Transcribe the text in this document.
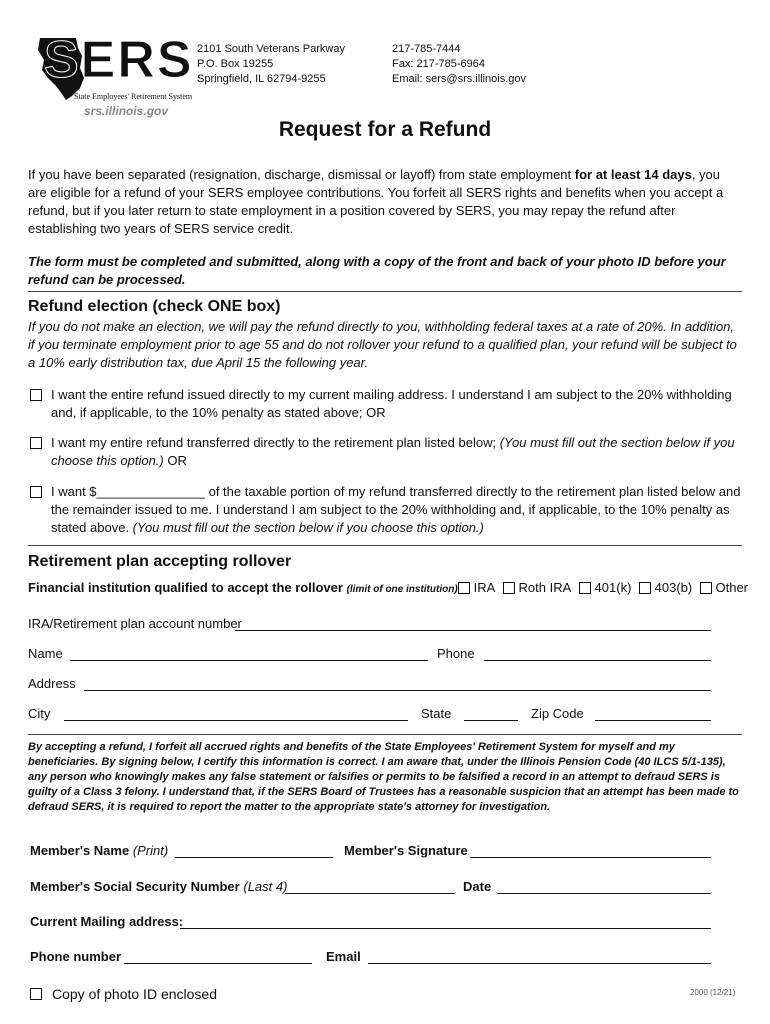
SERS
State Employees' Retirement System
srs.illinois.gov
2101 South Veterans Parkway
P.O. Box 19255
Springfield, IL 62794-9255
217-785-7444
Fax: 217-785-6964
Email: sers@srs.illinois.gov
Request for a Refund
If you have been separated (resignation, discharge, dismissal or layoff) from state employment for at least 14 days, you are eligible for a refund of your SERS employee contributions. You forfeit all SERS rights and benefits when you accept a refund, but if you later return to state employment in a position covered by SERS, you may repay the refund after establishing two years of SERS service credit.
The form must be completed and submitted, along with a copy of the front and back of your photo ID before your refund can be processed.
Refund election (check ONE box)
If you do not make an election, we will pay the refund directly to you, withholding federal taxes at a rate of 20%. In addition, if you terminate employment prior to age 55 and do not rollover your refund to a qualified plan, your refund will be subject to a 10% early distribution tax, due April 15 the following year.
I want the entire refund issued directly to my current mailing address. I understand I am subject to the 20% withholding and, if applicable, to the 10% penalty as stated above; OR
I want my entire refund transferred directly to the retirement plan listed below; (You must fill out the section below if you choose this option.) OR
I want $_______________ of the taxable portion of my refund transferred directly to the retirement plan listed below and the remainder issued to me. I understand I am subject to the 20% withholding and, if applicable, to the 10% penalty as stated above. (You must fill out the section below if you choose this option.)
Retirement plan accepting rollover
Financial institution qualified to accept the rollover (limit of one institution)	IRA Roth IRA 401(k) 403(b) Other
IRA/Retirement plan account number
Name	Phone
Address
City	State	Zip Code
By accepting a refund, I forfeit all accrued rights and benefits of the State Employees' Retirement System for myself and my beneficiaries. By signing below, I certify this information is correct. I am aware that, under the Illinois Pension Code (40 ILCS 5/1-135), any person who knowingly makes any false statement or falsifies or permits to be falsified a record in an attempt to defraud SERS is guilty of a Class 3 felony. I understand that, if the SERS Board of Trustees has a reasonable suspicion that an attempt has been made to defraud SERS, it is required to report the matter to the appropriate state's attorney for investigation.
Member's Name (Print)	Member's Signature
Member's Social Security Number (Last 4)	Date
Current Mailing address:
Phone number	Email
Copy of photo ID enclosed	2000 (12/21)
